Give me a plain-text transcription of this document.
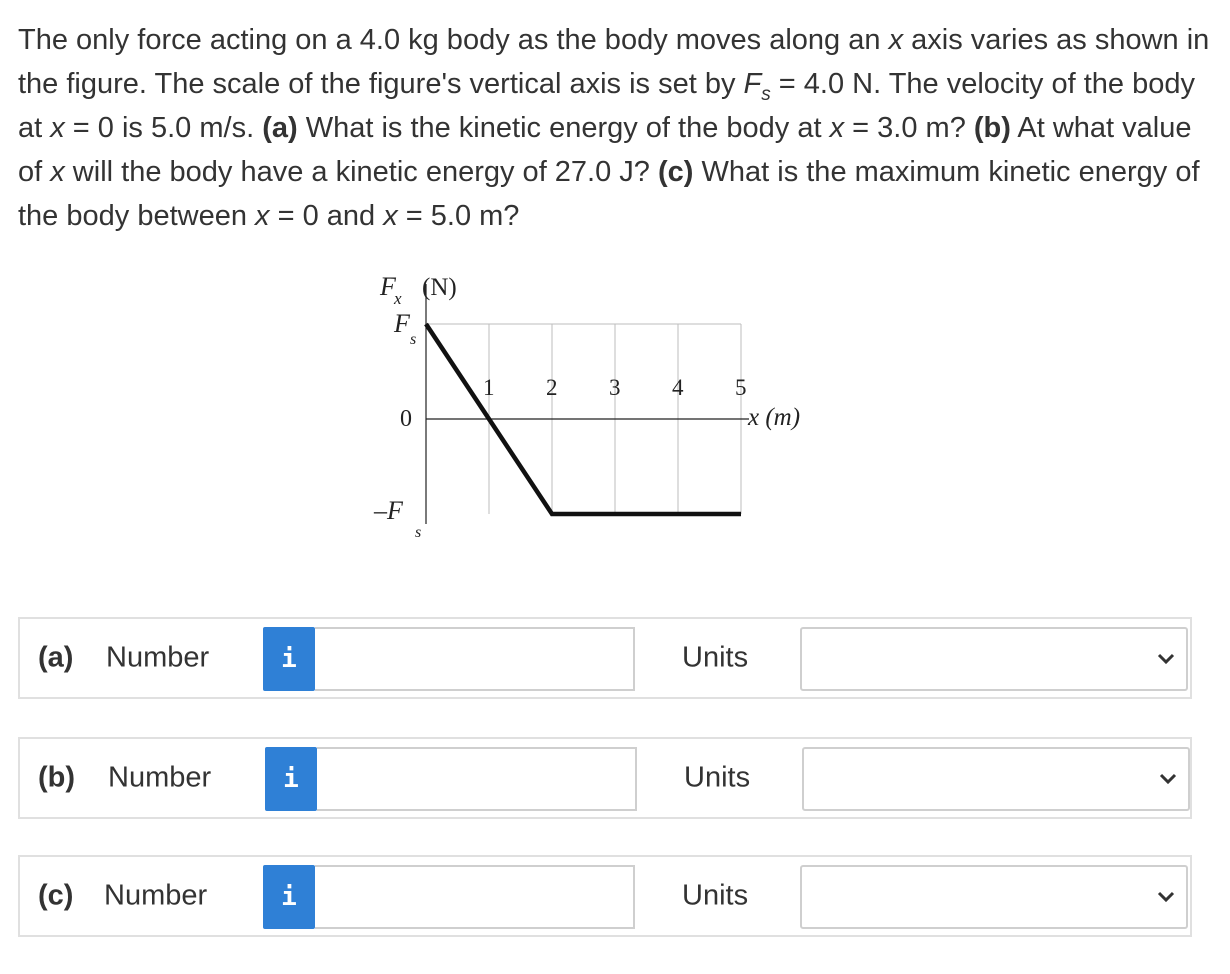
The only force acting on a 4.0 kg body as the body moves along an x axis varies as shown in the figure. The scale of the figure's vertical axis is set by $F_s = 4.0$ N. The velocity of the body at x = 0 is 5.0 m/s. (a) What is the kinetic energy of the body at x = 3.0 m? (b) At what value of x will the body have a kinetic energy of 27.0 J? (c) What is the maximum kinetic energy of the body between x = 0 and x = 5.0 m?
F
x (N)
F
s
0
–F
s
1 2 3 4 5
x (m)
(a) Number	i	Units
(b) Number	i	Units
(c) Number	i	Units
